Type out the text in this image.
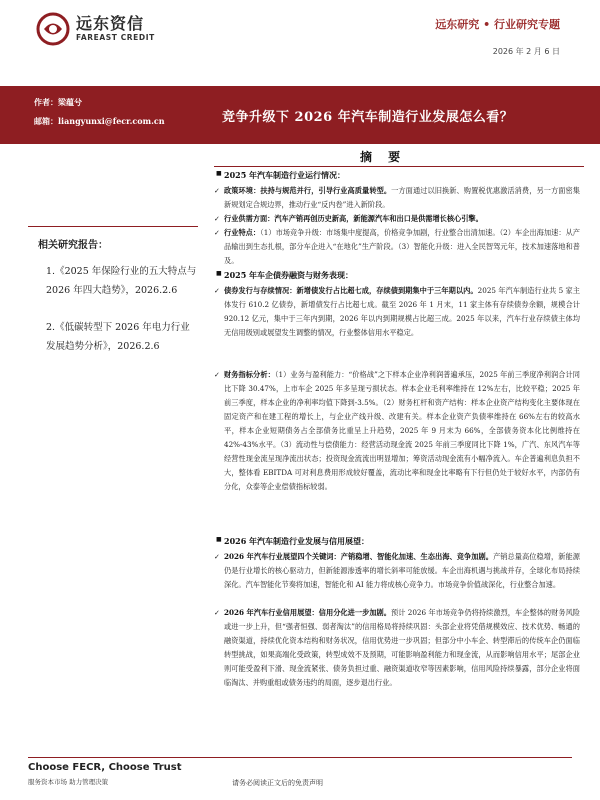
远东资信
FAREAST CREDIT
远东研究 • 行业研究专题
2026 年 2 月 6 日
作者：梁蕴兮
邮箱：liangyunxi@fecr.com.cn	竞争升级下 2026 年汽车制造行业发展怎么看？
相关研究报告：
1.《2025 年保险行业的五大特点与 2026 年四大趋势》，2026.2.6
2.《低碳转型下 2026 年电力行业发展趋势分析》，2026.2.6
摘 要
■ 2025 年汽车制造行业运行情况：
✓ 政策环境：扶持与规范并行，引导行业高质量转型。一方面通过以旧换新、购置税优惠激活消费，另一方面密集新规划定合规边界，推动行业“反内卷”进入新阶段。
✓ 行业供需方面：汽车产销再创历史新高，新能源汽车和出口是供需增长核心引擎。
✓ 行业特点：（1）市场竞争升级：市场集中度提高，价格竞争加剧，行业整合出清加速。（2）车企出海加速：从产品输出到生态扎根，部分车企进入“在地化”生产阶段。（3）智能化升级：进入全民智驾元年，技术加速落地和普及。
■ 2025 年车企债券融资与财务表现：
✓ 债券发行与存续情况：新增债发行占比超七成，存续债到期集中于三年期以内。2025 年汽车制造行业共 5 家主体发行 610.2 亿债券，新增债发行占比超七成。截至 2026 年 1 月末，11 家主体有存续债券余额，规模合计 920.12 亿元，集中于三年内到期，2026 年以内到期规模占比超三成。2025 年以来，汽车行业存续债主体均无信用级别或展望发生调整的情况，行业整体信用水平稳定。
✓ 财务指标分析：（1）业务与盈利能力：“价格战”之下样本企业净利润普遍承压，2025 年前三季度净利润合计同比下降 30.47%，上市车企 2025 年多呈现亏损状态。样本企业毛利率维持在 12%左右，比较平稳；2025 年前三季度，样本企业的净利率均值下降到-3.5%。（2）财务杠杆和资产结构：样本企业资产结构变化主要体现在固定资产和在建工程的增长上，与企业产线升级、改建有关。样本企业资产负债率维持在 66%左右的较高水平，样本企业短期债务占全部债务比重呈上升趋势，2025 年 9 月末为 66%，全部债务资本化比例维持在 42%-43%水平。（3）流动性与偿债能力：经营活动现金流 2025 年前三季度同比下降 1%，广汽、东风汽车等经营性现金流呈现净流出状态；投资现金流流出明显增加；筹资活动现金流有小幅净流入。车企普遍利息负担不大，整体看 EBITDA 可对利息费用形成较好覆盖，流动比率和现金比率略有下行但仍处于较好水平，内部仍有分化，众泰等企业偿债指标较弱。
■ 2026 年汽车制造行业发展与信用展望：
✓ 2026 年汽车行业展望四个关键词：产销稳增、智能化加速、生态出海、竞争加剧。产销总量高位稳增，新能源仍是行业增长的核心驱动力，但新能源渗透率的增长斜率可能放缓。车企出海机遇与挑战并存，全球化布局持续深化。汽车智能化节奏将加速，智能化和 AI 能力将成核心竞争力。市场竞争价值战深化，行业整合加速。
✓ 2026 年汽车行业信用展望：信用分化进一步加剧。预计 2026 年市场竞争仍将持续激烈，车企整体的财务风险或进一步上升，但“强者恒强、弱者淘汰”的信用格局将持续巩固：头部企业将凭借规模效应、技术优势、畅通的融资渠道，持续优化资本结构和财务状况，信用优势进一步巩固；但部分中小车企、转型滞后的传统车企仍面临转型挑战，如果高端化受政策，转型成效不及预期，可能影响盈利能力和现金流，从而影响信用水平；尾部企业则可能受盈利下滑、现金流紧张、债务负担过重、融资渠道收窄等因素影响，信用风险持续暴露，部分企业将面临淘汰、并购重组或债务违约的局面，逐步退出行业。
Choose FECR, Choose Trust
服务资本市场 助力管理决策	请务必阅读正文后的免责声明
